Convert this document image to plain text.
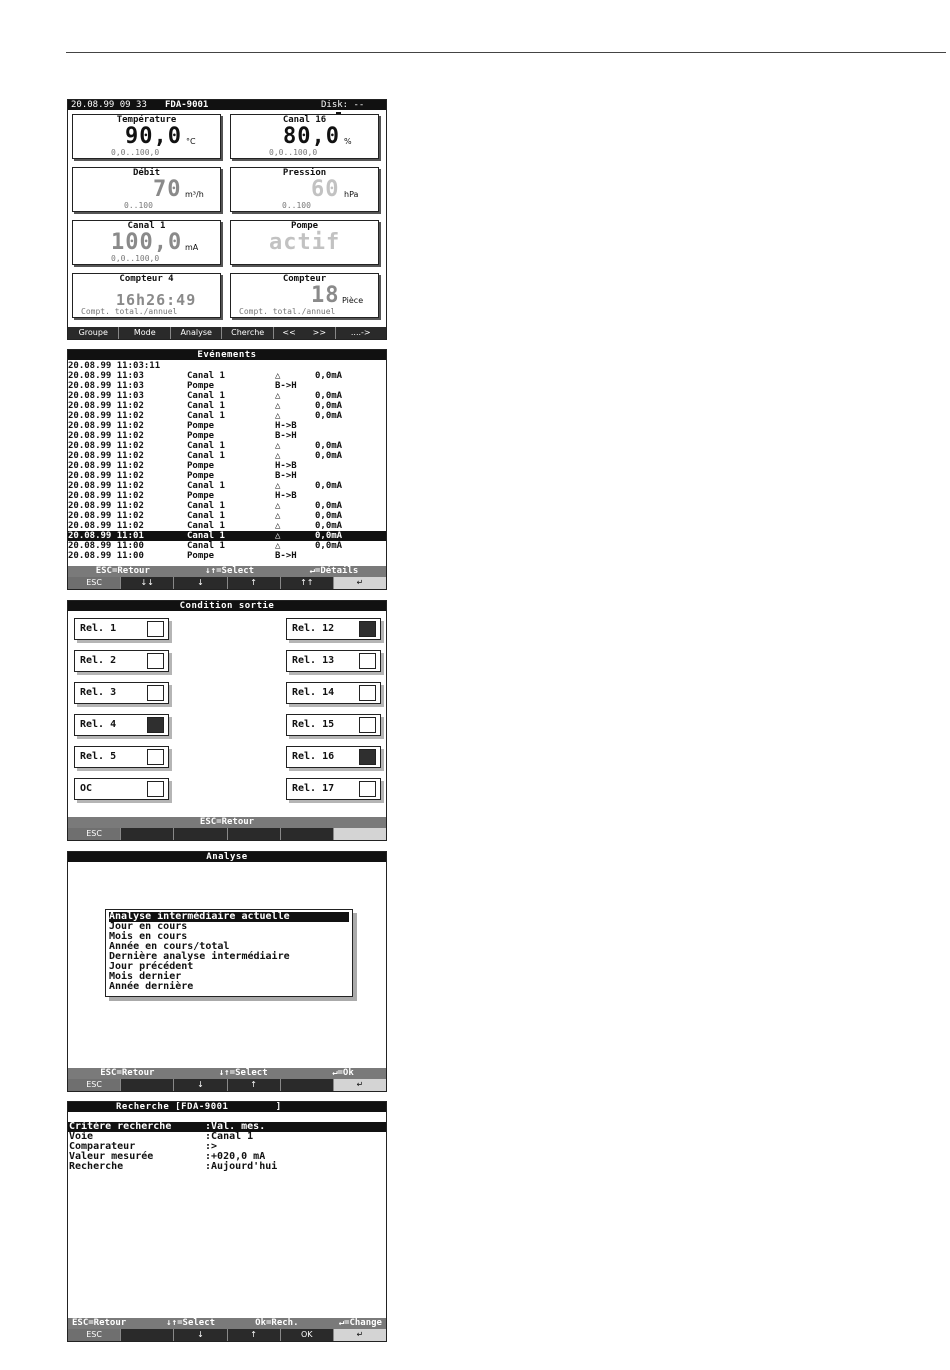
20.08.99 09 33	FDA-9001

	Disk: --
Température
90,0 °C
0,0..100,0
Canal 16
80,0 %
0,0..100,0
Débit
70 m³/h
0..100
Pression
60 hPa
0..100
Canal 1
100,0 mA
0,0..100,0
Pompe
actif
Compteur 4
16h26:49
Compt. total./annuel
Compteur
18 Pièce
Compt. total./annuel
Groupe	Mode	Analyse	Cherche	<< >>	....->
Evénements
20.08.99 11:03:11
20.08.99 11:03	Canal 1	△	0,0mA
20.08.99 11:03	Pompe	B->H
20.08.99 11:03	Canal 1	△	0,0mA
20.08.99 11:02	Canal 1	△	0,0mA
20.08.99 11:02	Canal 1	△	0,0mA
20.08.99 11:02	Pompe	H->B
20.08.99 11:02	Pompe	B->H
20.08.99 11:02	Canal 1	△	0,0mA
20.08.99 11:02	Canal 1	△	0,0mA
20.08.99 11:02	Pompe	H->B
20.08.99 11:02	Pompe	B->H
20.08.99 11:02	Canal 1	△	0,0mA
20.08.99 11:02	Pompe	H->B
20.08.99 11:02	Canal 1	△	0,0mA
20.08.99 11:02	Canal 1	△	0,0mA
20.08.99 11:02	Canal 1	△	0,0mA
20.08.99 11:01	Canal 1	△	0,0mA
20.08.99 11:00	Canal 1	△	0,0mA
20.08.99 11:00	Pompe	B->H
ESC=Retour	↓↑=Select	↵=Détails
ESC	↓↓	↓	↑	↑↑	↵
Condition sortie
Rel. 1
Rel. 2
Rel. 3
Rel. 4
Rel. 5
OC
Rel. 12
Rel. 13
Rel. 14
Rel. 15
Rel. 16
Rel. 17
ESC=Retour
ESC
Analyse
Analyse intermédiaire actuelle
Jour en cours
Mois en cours
Année en cours/total
Dernière analyse intermédiaire
Jour précédent
Mois dernier
Année dernière
ESC=Retour	↓↑=Select	↵=Ok
ESC	↓	↑	↵
Recherche [FDA-9001        ]
Critère recherche	: Val. mes.
Voie	: Canal 1
Comparateur	: >
Valeur mesurée	: +020,0 mA
Recherche	: Aujourd'hui
ESC=Retour	↓↑=Select	Ok=Rech.	↵=Change
ESC	↓	↑	OK	↵
